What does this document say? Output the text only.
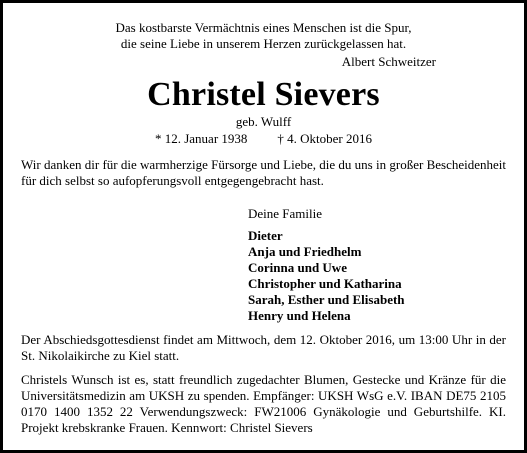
Das kostbarste Vermächtnis eines Menschen ist die Spur,
die seine Liebe in unserem Herzen zurückgelassen hat.
Albert Schweitzer
Christel Sievers
geb. Wulff
* 12. Januar 1938 † 4. Oktober 2016
Wir danken dir für die warmherzige Fürsorge und Liebe, die du uns in großer Bescheidenheit für dich selbst so aufopferungsvoll entgegengebracht hast.
Deine Familie
Dieter
Anja und Friedhelm
Corinna und Uwe
Christopher und Katharina
Sarah, Esther und Elisabeth
Henry und Helena
Der Abschiedsgottesdienst findet am Mittwoch, dem 12. Oktober 2016, um 13:00 Uhr in der St. Nikolaikirche zu Kiel statt.
Christels Wunsch ist es, statt freundlich zugedachter Blumen, Gestecke und Kränze für die Universitätsmedizin am UKSH zu spenden. Empfänger: UKSH WsG e.V. IBAN DE75 2105 0170 1400 1352 22 Verwendungszweck: FW21006 Gynäkologie und Geburtshilfe. KI. Projekt krebskranke Frauen. Kennwort: Christel Sievers
